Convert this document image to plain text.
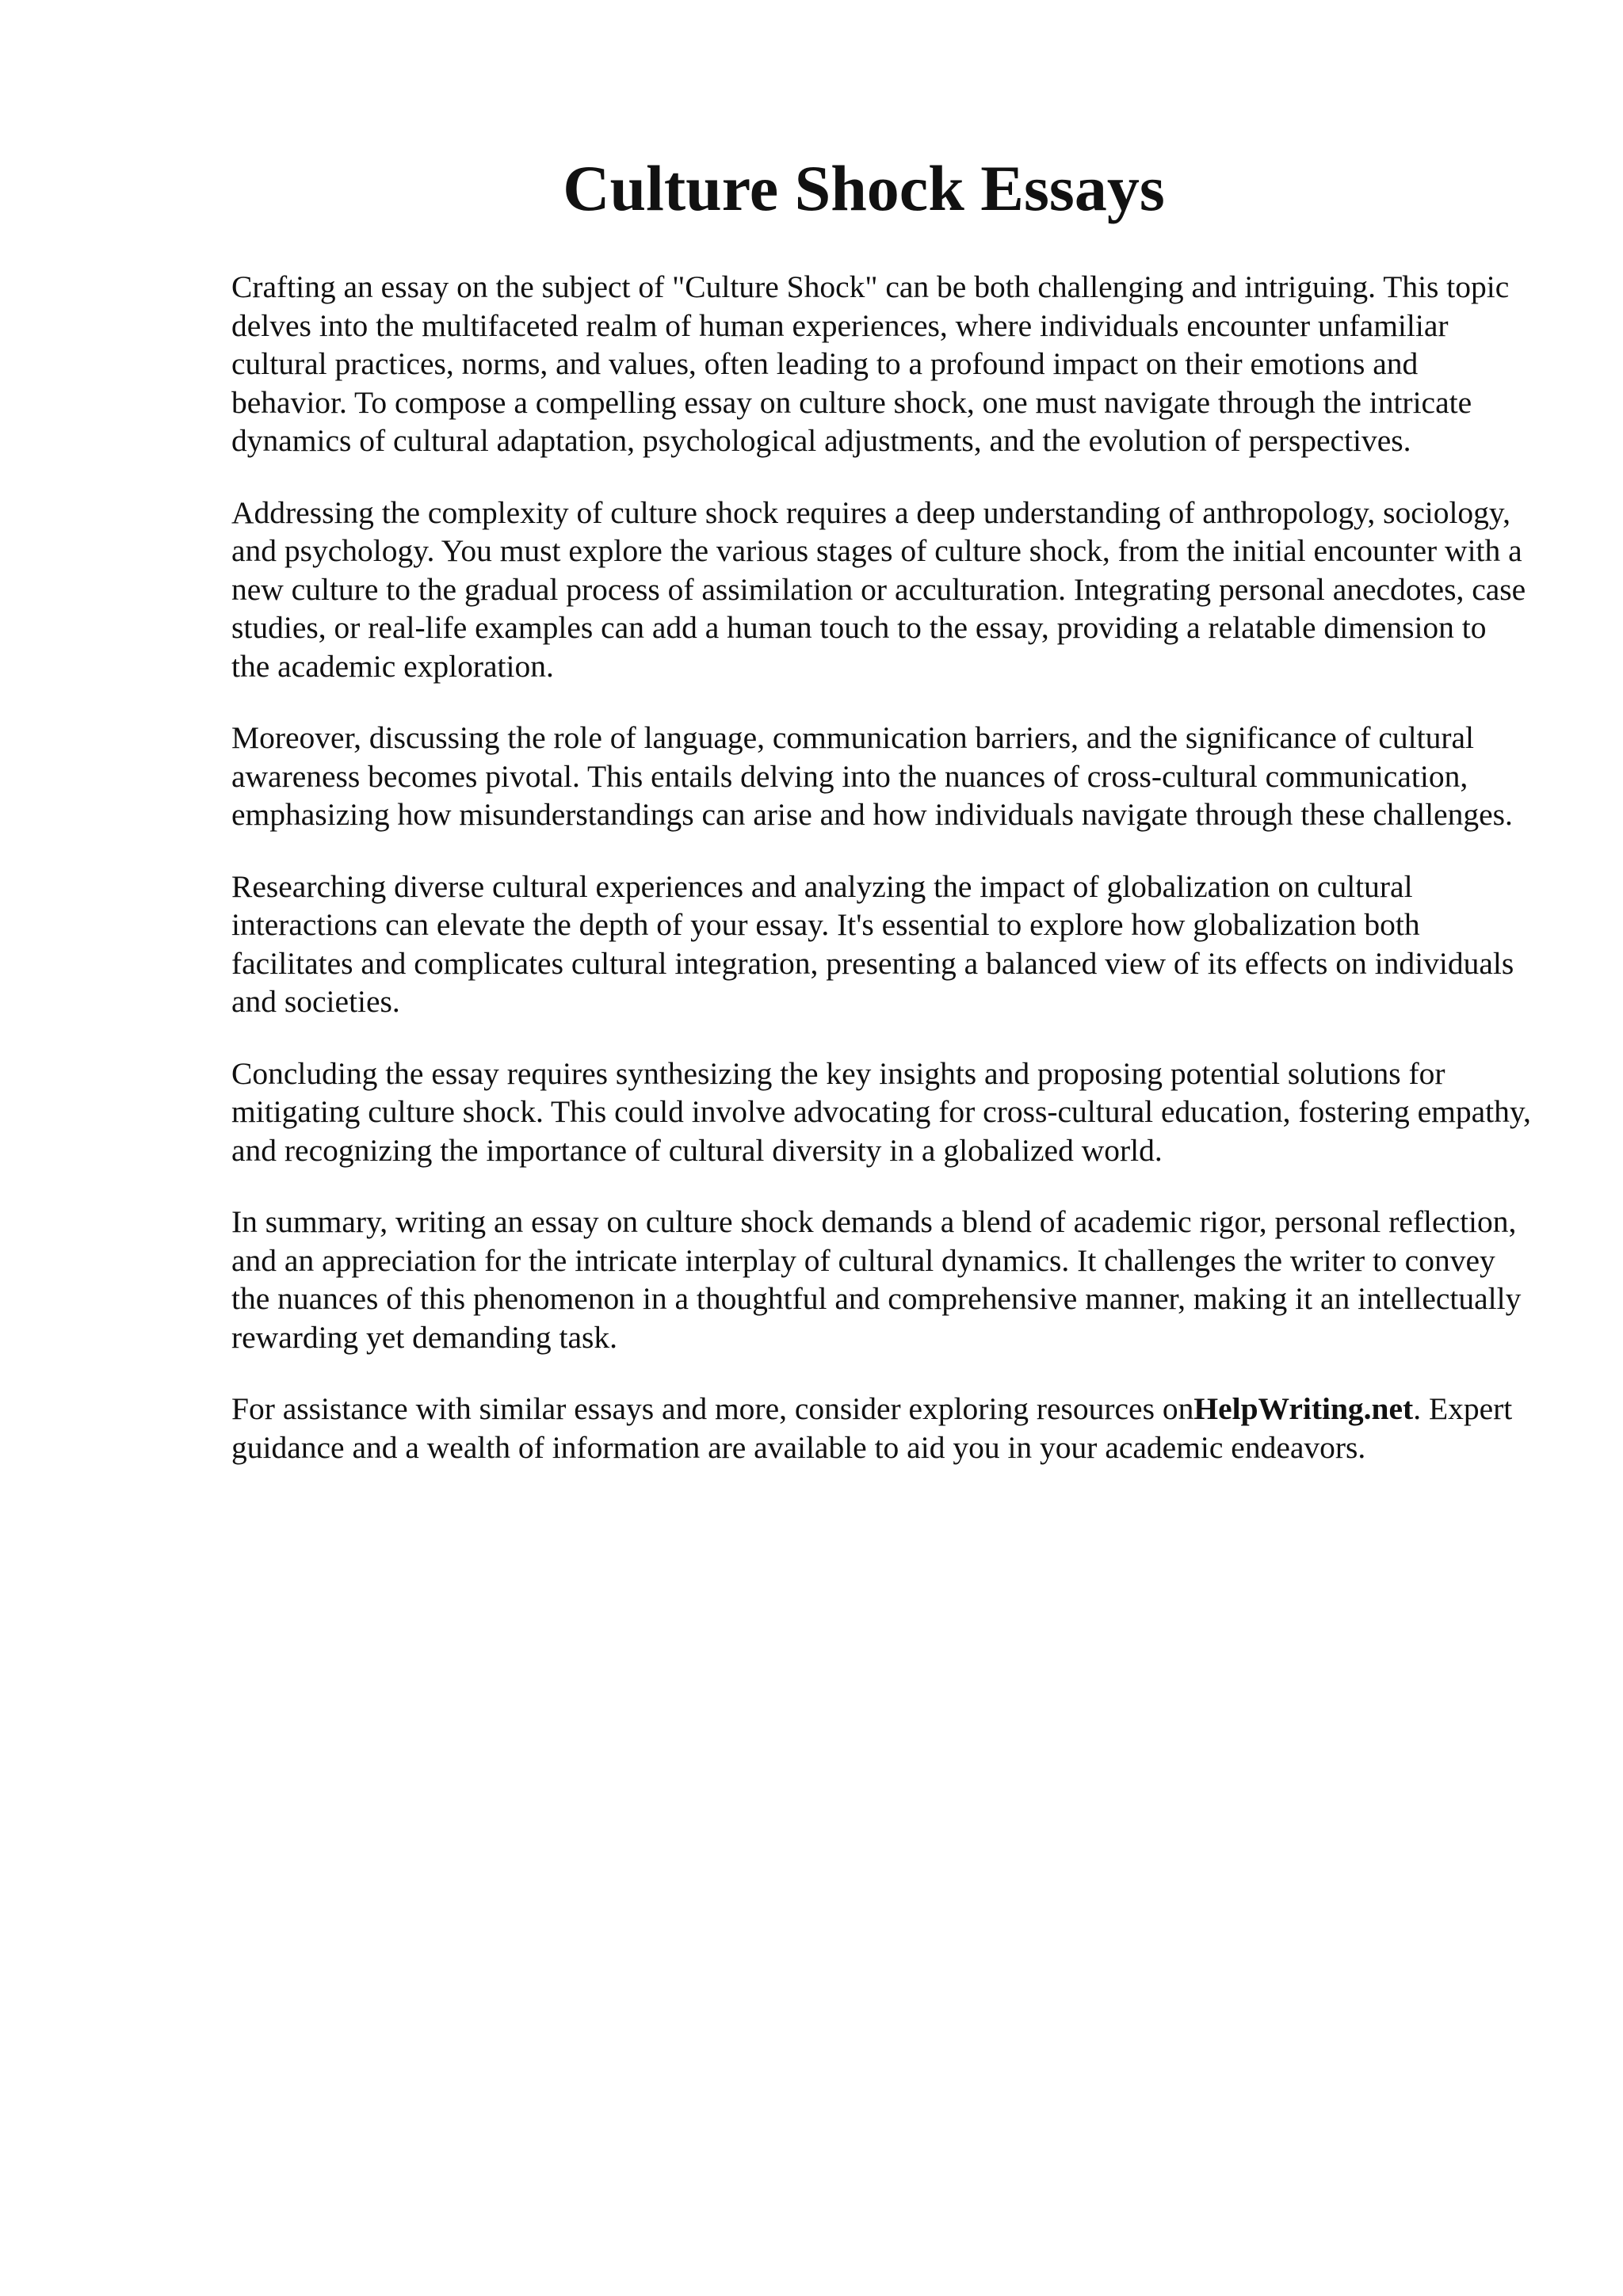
Culture Shock Essays

Crafting an essay on the subject of "Culture Shock" can be both challenging and intriguing. This topic delves into the multifaceted realm of human experiences, where individuals encounter unfamiliar cultural practices, norms, and values, often leading to a profound impact on their emotions and behavior. To compose a compelling essay on culture shock, one must navigate through the intricate dynamics of cultural adaptation, psychological adjustments, and the evolution of perspectives.

Addressing the complexity of culture shock requires a deep understanding of anthropology, sociology, and psychology. You must explore the various stages of culture shock, from the initial encounter with a new culture to the gradual process of assimilation or acculturation. Integrating personal anecdotes, case studies, or real-life examples can add a human touch to the essay, providing a relatable dimension to the academic exploration.

Moreover, discussing the role of language, communication barriers, and the significance of cultural awareness becomes pivotal. This entails delving into the nuances of cross-cultural communication, emphasizing how misunderstandings can arise and how individuals navigate through these challenges.

Researching diverse cultural experiences and analyzing the impact of globalization on cultural interactions can elevate the depth of your essay. It's essential to explore how globalization both facilitates and complicates cultural integration, presenting a balanced view of its effects on individuals and societies.

Concluding the essay requires synthesizing the key insights and proposing potential solutions for mitigating culture shock. This could involve advocating for cross-cultural education, fostering empathy, and recognizing the importance of cultural diversity in a globalized world.

In summary, writing an essay on culture shock demands a blend of academic rigor, personal reflection, and an appreciation for the intricate interplay of cultural dynamics. It challenges the writer to convey the nuances of this phenomenon in a thoughtful and comprehensive manner, making it an intellectually rewarding yet demanding task.

For assistance with similar essays and more, consider exploring resources onHelpWriting.net. Expert guidance and a wealth of information are available to aid you in your academic endeavors.
